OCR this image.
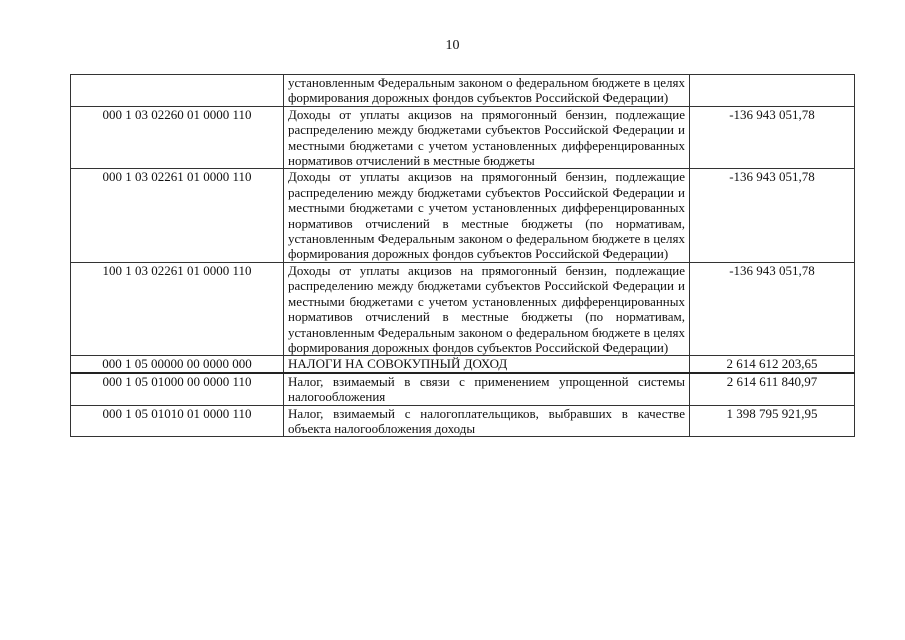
10
	установленным Федеральным законом о федеральном бюджете в целях формирования дорожных фондов субъектов Российской Федерации)	
000 1 03 02260 01 0000 110	Доходы от уплаты акцизов на прямогонный бензин, подлежащие распределению между бюджетами субъектов Российской Федерации и местными бюджетами с учетом установленных дифференцированных нормативов отчислений в местные бюджеты	-136 943 051,78
000 1 03 02261 01 0000 110	Доходы от уплаты акцизов на прямогонный бензин, подлежащие распределению между бюджетами субъектов Российской Федерации и местными бюджетами с учетом установленных дифференцированных нормативов отчислений в местные бюджеты (по нормативам, установленным Федеральным законом о федеральном бюджете в целях формирования дорожных фондов субъектов Российской Федерации)	-136 943 051,78
100 1 03 02261 01 0000 110	Доходы от уплаты акцизов на прямогонный бензин, подлежащие распределению между бюджетами субъектов Российской Федерации и местными бюджетами с учетом установленных дифференцированных нормативов отчислений в местные бюджеты (по нормативам, установленным Федеральным законом о федеральном бюджете в целях формирования дорожных фондов субъектов Российской Федерации)	-136 943 051,78
000 1 05 00000 00 0000 000	НАЛОГИ НА СОВОКУПНЫЙ ДОХОД	2 614 612 203,65
000 1 05 01000 00 0000 110	Налог, взимаемый в связи с применением упрощенной системы налогообложения	2 614 611 840,97
000 1 05 01010 01 0000 110	Налог, взимаемый с налогоплательщиков, выбравших в качестве объекта налогообложения доходы	1 398 795 921,95
